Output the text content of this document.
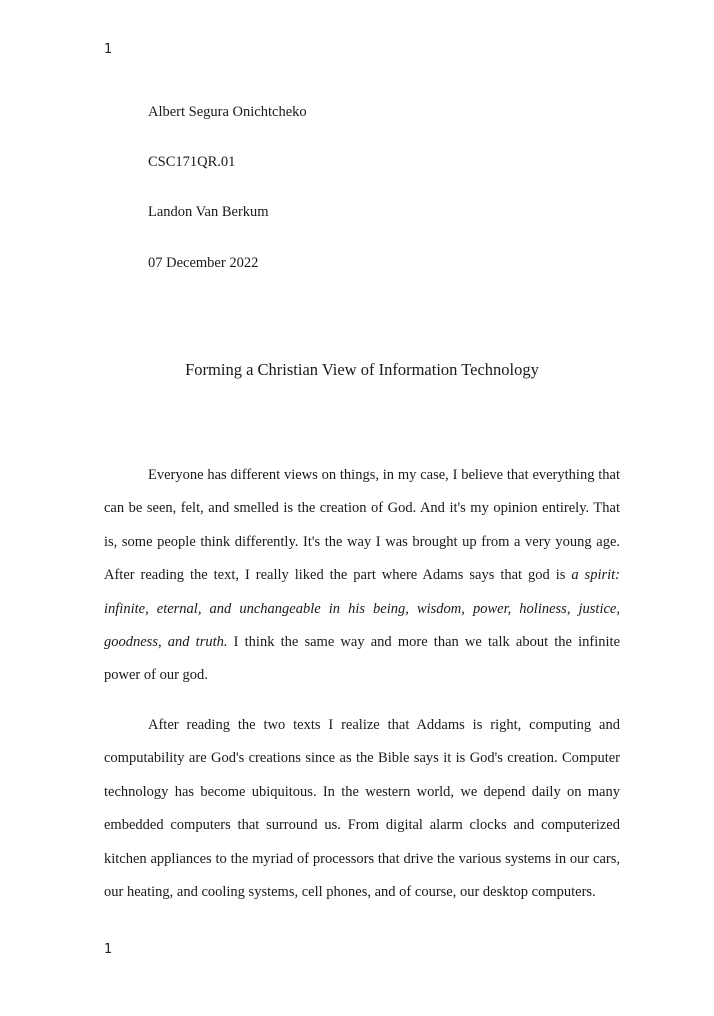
1
Albert Segura Onichtcheko
CSC171QR.01
Landon Van Berkum
07 December 2022
Forming a Christian View of Information Technology

Everyone has different views on things, in my case, I believe that everything that can be seen, felt, and smelled is the creation of God. And it's my opinion entirely. That is, some people think differently. It's the way I was brought up from a very young age. After reading the text, I really liked the part where Adams says that god is a spirit: infinite, eternal, and unchangeable in his being, wisdom, power, holiness, justice, goodness, and truth. I think the same way and more than we talk about the infinite power of our god.

After reading the two texts I realize that Addams is right, computing and computability are God's creations since as the Bible says it is God's creation. Computer technology has become ubiquitous. In the western world, we depend daily on many embedded computers that surround us. From digital alarm clocks and computerized kitchen appliances to the myriad of processors that drive the various systems in our cars, our heating, and cooling systems, cell phones, and of course, our desktop computers.

1
